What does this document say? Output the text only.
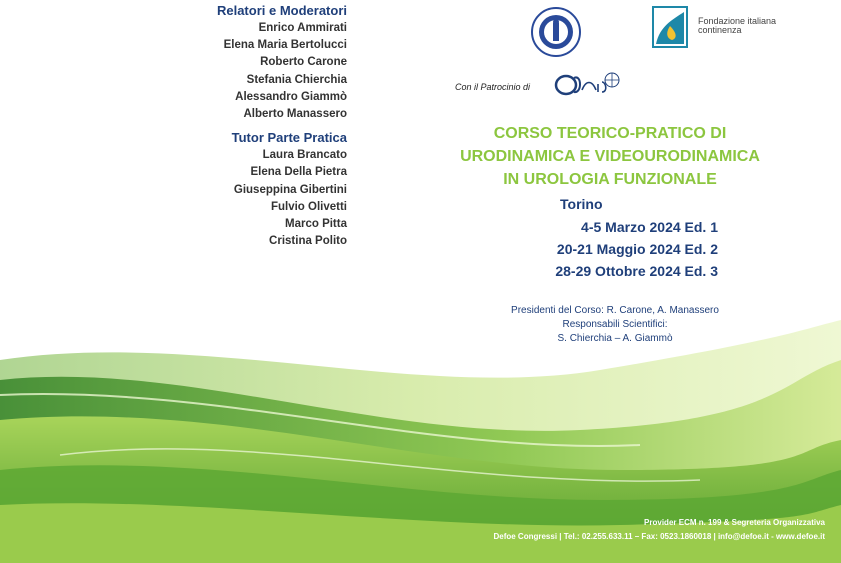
Relatori e Moderatori
Enrico Ammirati
Elena Maria Bertolucci
Roberto Carone
Stefania Chierchia
Alessandro Giammò
Alberto Manassero
Tutor Parte Pratica
Laura Brancato
Elena Della Pietra
Giuseppina Gibertini
Fulvio Olivetti
Marco Pitta
Cristina Polito
Fondazione italiana
continenza
Con il Patrocinio di
CORSO TEORICO-PRATICO DI
URODINAMICA E VIDEOURODINAMICA
IN UROLOGIA FUNZIONALE
Torino
4-5 Marzo 2024 Ed. 1
20-21 Maggio 2024 Ed. 2
28-29 Ottobre 2024 Ed. 3
Presidenti del Corso: R. Carone, A. Manassero
Responsabili Scientifici:
S. Chierchia – A. Giammò
Provider ECM n. 199 & Segreteria Organizzativa
Defoe Congressi | Tel.: 02.255.633.11 – Fax: 0523.1860018 | info@defoe.it - www.defoe.it
